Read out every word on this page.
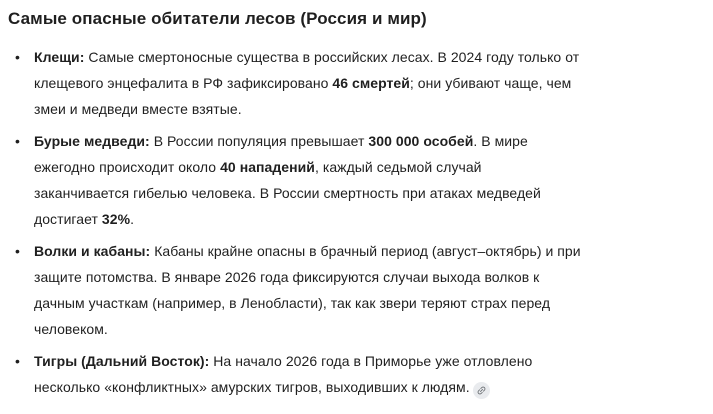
Самые опасные обитатели лесов (Россия и мир)
•	Клещи: Самые смертоносные существа в российских лесах. В 2024 году только от
клещевого энцефалита в РФ зафиксировано 46 смертей; они убивают чаще, чем
змеи и медведи вместе взятые.
•	Бурые медведи: В России популяция превышает 300 000 особей. В мире
ежегодно происходит около 40 нападений, каждый седьмой случай
заканчивается гибелью человека. В России смертность при атаках медведей
достигает 32%.
•	Волки и кабаны: Кабаны крайне опасны в брачный период (август–октябрь) и при
защите потомства. В январе 2026 года фиксируются случаи выхода волков к
дачным участкам (например, в Ленобласти), так как звери теряют страх перед
человеком.
•	Тигры (Дальний Восток): На начало 2026 года в Приморье уже отловлено
несколько «конфликтных» амурских тигров, выходивших к людям.
